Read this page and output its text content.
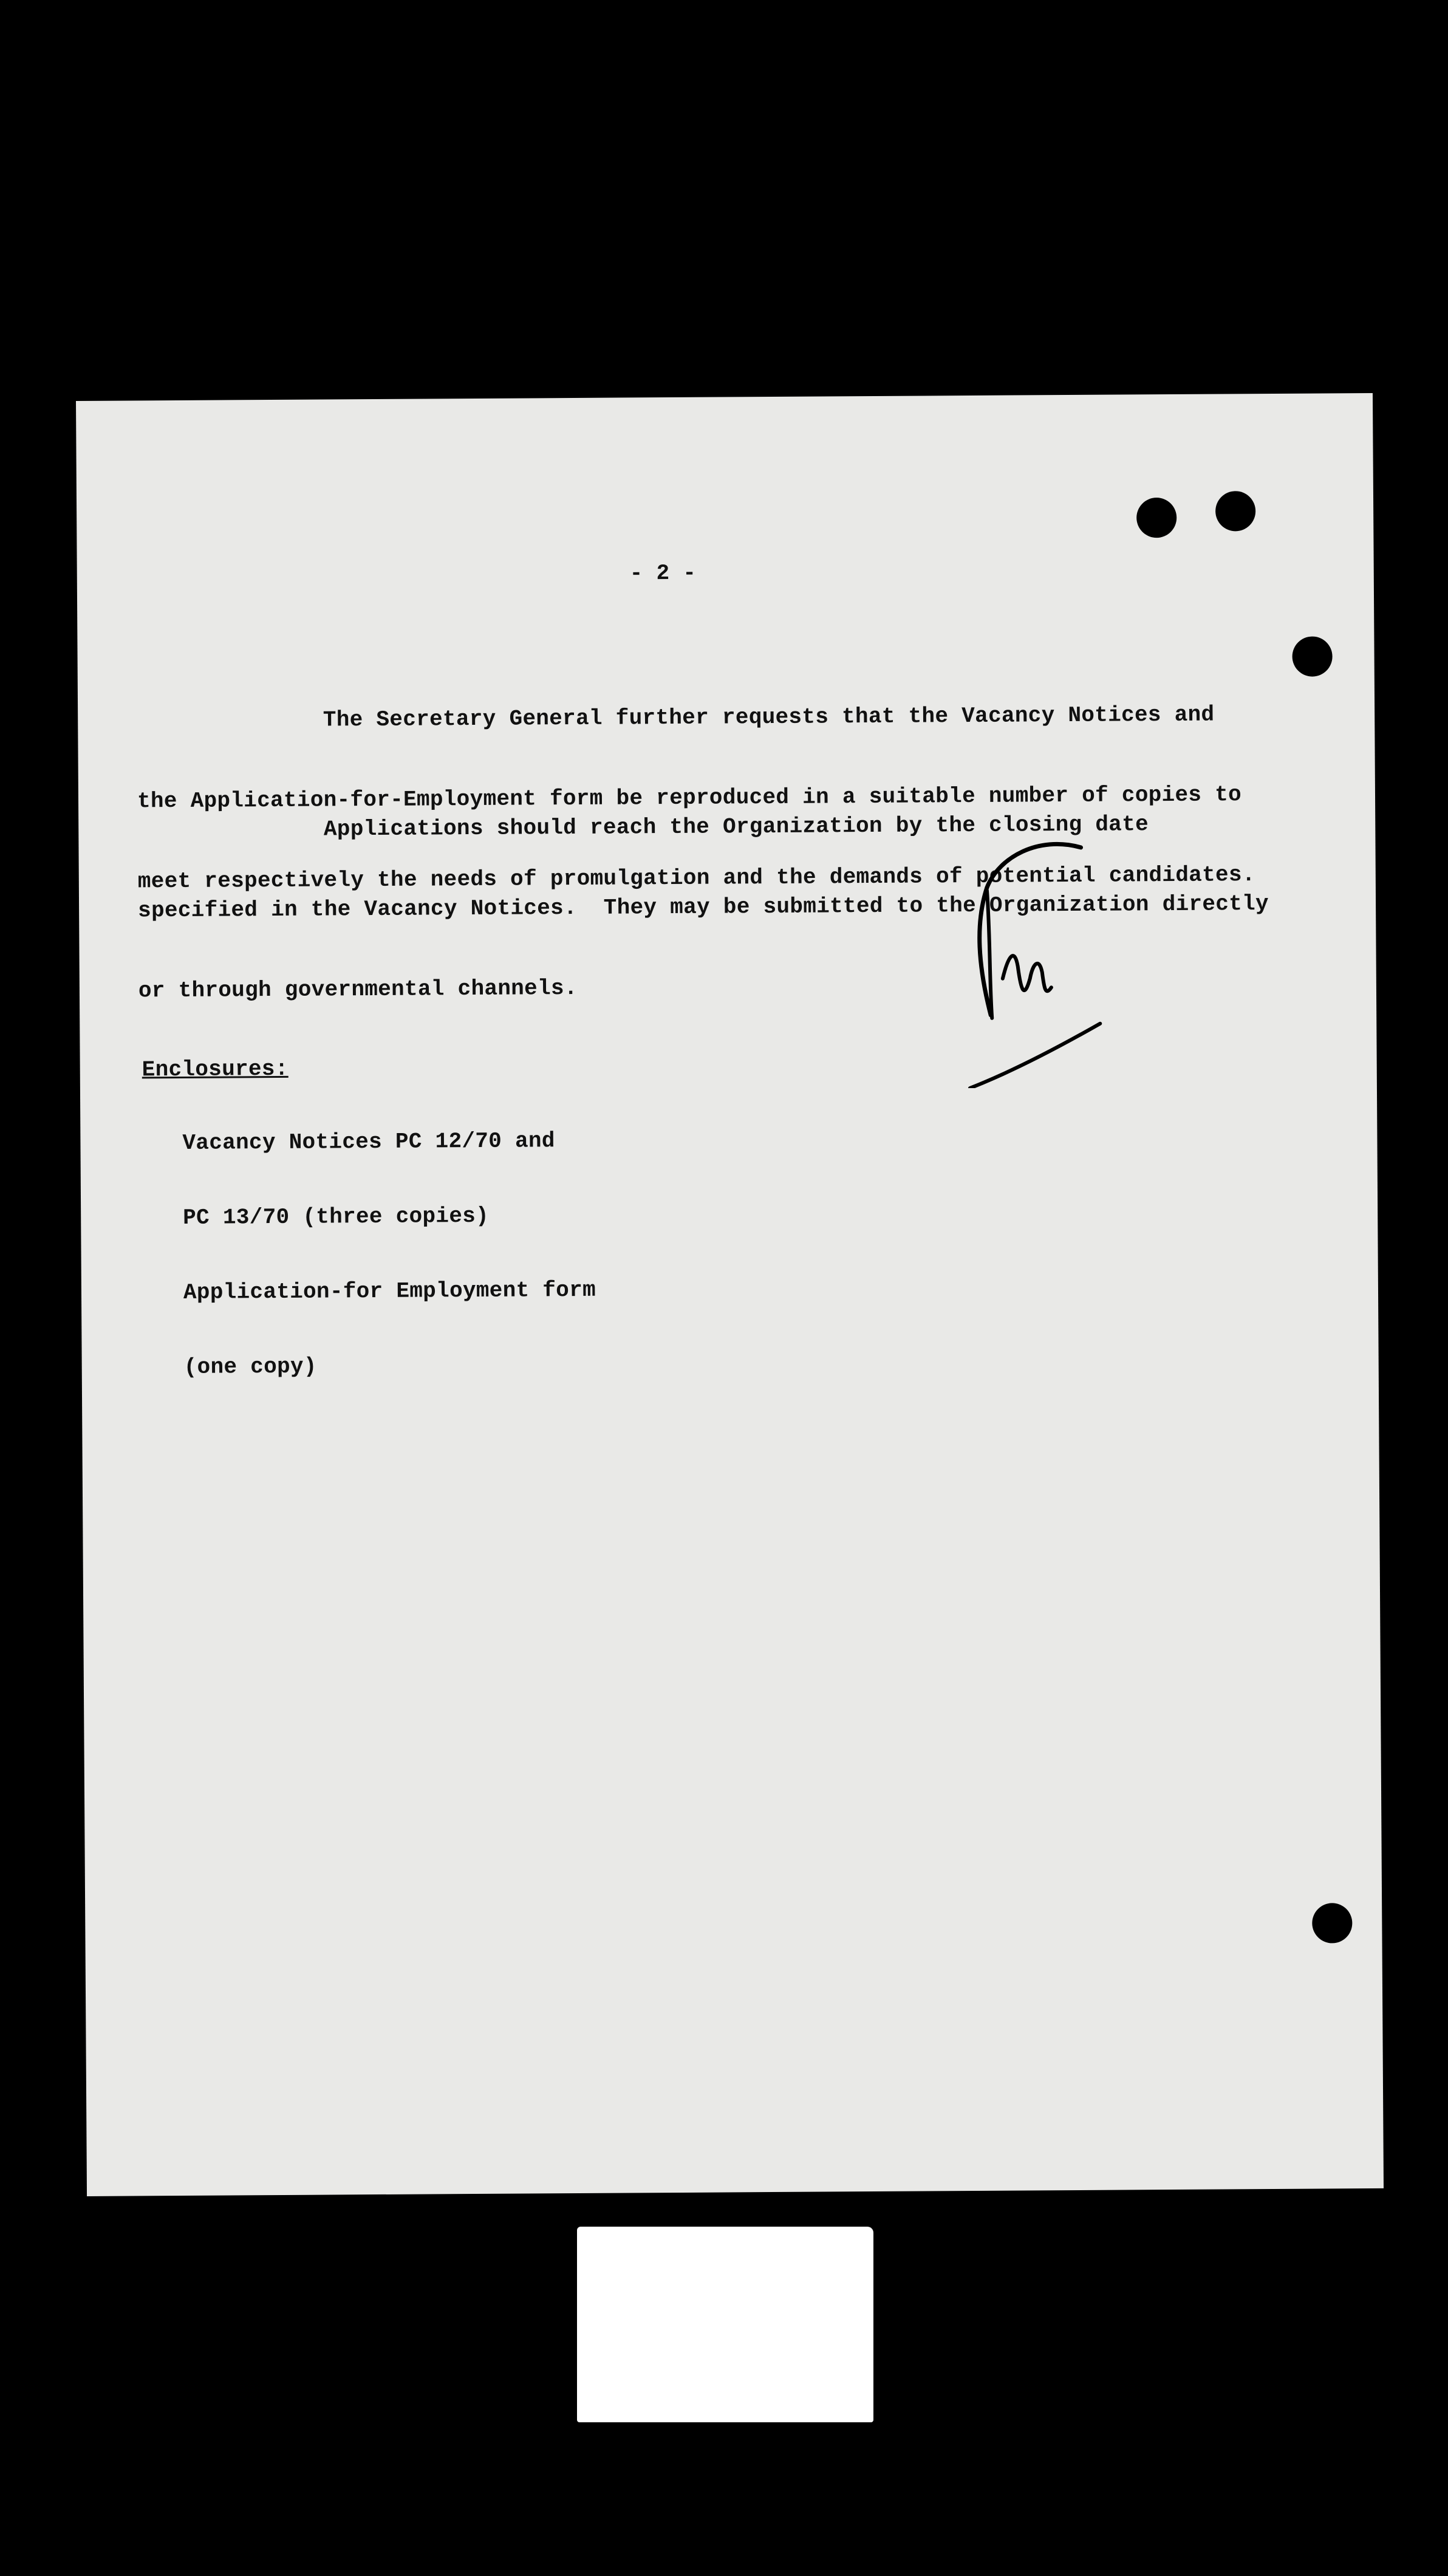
- 2 -

The Secretary General further requests that the Vacancy Notices and

the Application-for-Employment form be reproduced in a suitable number of copies to

meet respectively the needs of promulgation and the demands of potential candidates.

Applications should reach the Organization by the closing date

specified in the Vacancy Notices.  They may be submitted to the Organization directly

or through governmental channels.

Enclosures:

Vacancy Notices PC 12/70 and

PC 13/70 (three copies)

Application-for Employment form

(one copy)
